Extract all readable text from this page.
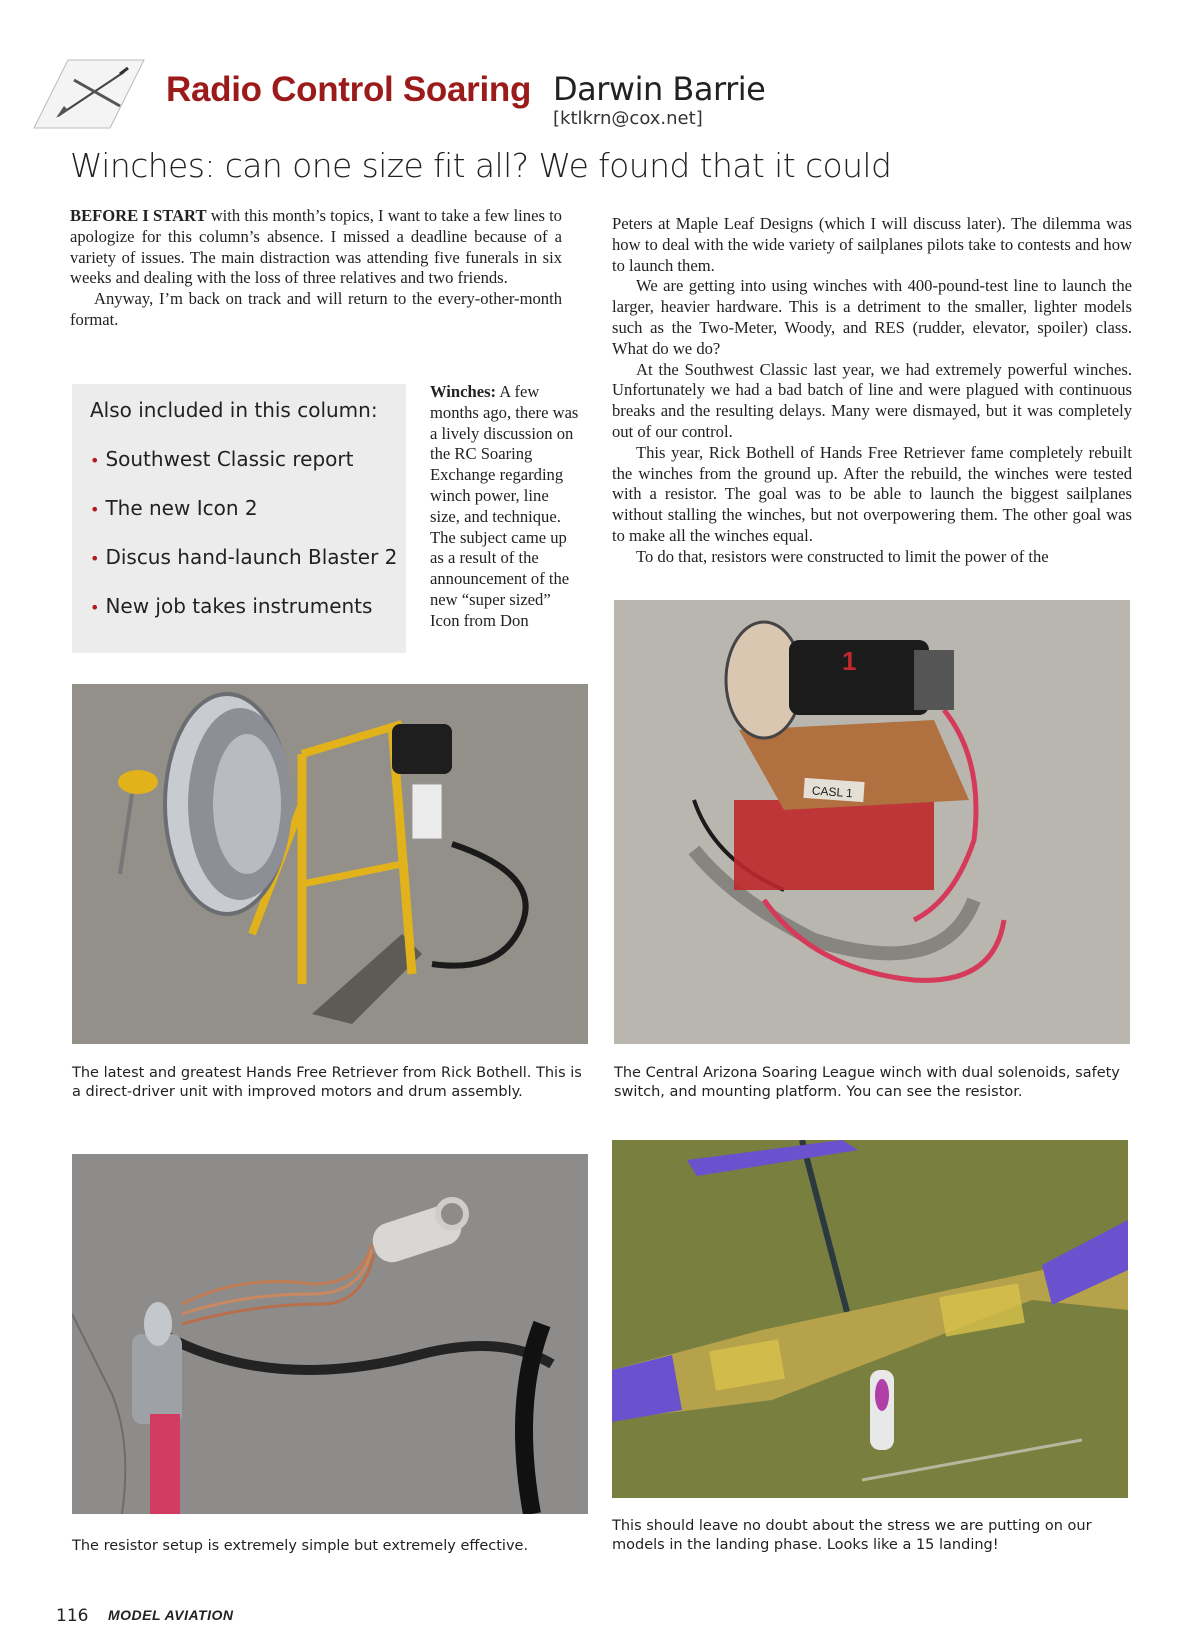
Radio Control Soaring Darwin Barrie
[ktlkrn@cox.net]
Winches: can one size fit all? We found that it could

BEFORE I START with this month’s topics, I want to take a few lines to apologize for this column’s absence. I missed a deadline because of a variety of issues. The main distraction was attending five funerals in six weeks and dealing with the loss of three relatives and two friends.

Anyway, I’m back on track and will return to the every-other-month format.

Also included in this column:
• Southwest Classic report
• The new Icon 2
• Discus hand-launch Blaster 2
• New job takes instruments

Winches: A few months ago, there was a lively discussion on the RC Soaring Exchange regarding winch power, line size, and technique. The subject came up as a result of the announcement of the new “super sized” Icon from Don

Peters at Maple Leaf Designs (which I will discuss later). The dilemma was how to deal with the wide variety of sailplanes pilots take to contests and how to launch them.

We are getting into using winches with 400-pound-test line to launch the larger, heavier hardware. This is a detriment to the smaller, lighter models such as the Two-Meter, Woody, and RES (rudder, elevator, spoiler) class. What do we do?

At the Southwest Classic last year, we had extremely powerful winches. Unfortunately we had a bad batch of line and were plagued with continuous breaks and the resulting delays. Many were dismayed, but it was completely out of our control.

This year, Rick Bothell of Hands Free Retriever fame completely rebuilt the winches from the ground up. After the rebuild, the winches were tested with a resistor. The goal was to be able to launch the biggest sailplanes without stalling the winches, but not overpowering them. The other goal was to make all the winches equal.

To do that, resistors were constructed to limit the power of the

CASL 1
1
The latest and greatest Hands Free Retriever from Rick Bothell. This is a direct-driver unit with improved motors and drum assembly.
The Central Arizona Soaring League winch with dual solenoids, safety switch, and mounting platform. You can see the resistor.
The resistor setup is extremely simple but extremely effective.
This should leave no doubt about the stress we are putting on our models in the landing phase. Looks like a 15 landing!
116 MODEL AVIATION
